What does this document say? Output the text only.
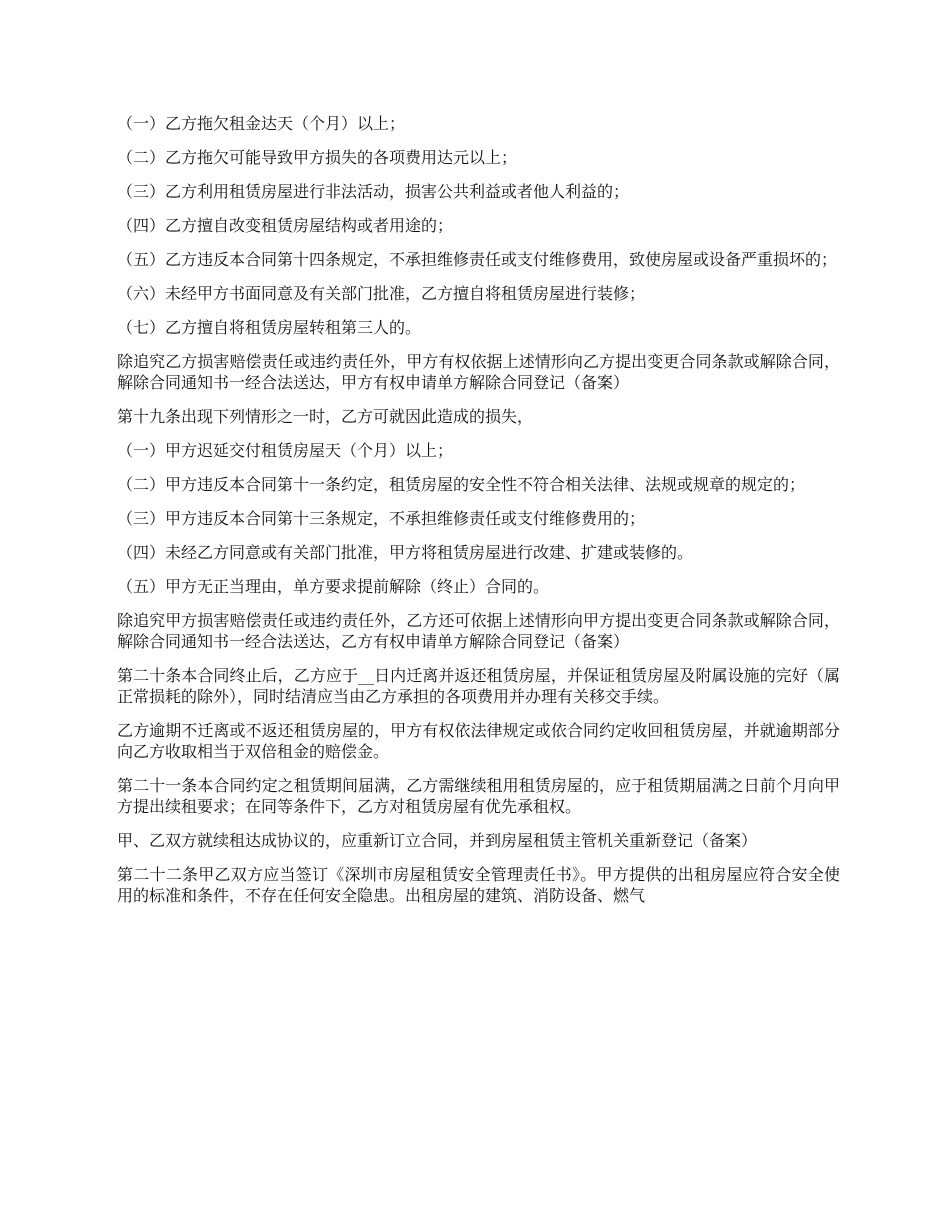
（一）乙方拖欠租金达天（个月）以上；

（二）乙方拖欠可能导致甲方损失的各项费用达元以上；

（三）乙方利用租赁房屋进行非法活动，损害公共利益或者他人利益的；

（四）乙方擅自改变租赁房屋结构或者用途的；

（五）乙方违反本合同第十四条规定，不承担维修责任或支付维修费用，致使房屋或设备严重损坏的；

（六）未经甲方书面同意及有关部门批准，乙方擅自将租赁房屋进行装修；

（七）乙方擅自将租赁房屋转租第三人的。

除追究乙方损害赔偿责任或违约责任外，甲方有权依据上述情形向乙方提出变更合同条款或解除合同，解除合同通知书一经合法送达，甲方有权申请单方解除合同登记（备案）

第十九条出现下列情形之一时，乙方可就因此造成的损失，

（一）甲方迟延交付租赁房屋天（个月）以上；

（二）甲方违反本合同第十一条约定，租赁房屋的安全性不符合相关法律、法规或规章的规定的；

（三）甲方违反本合同第十三条规定，不承担维修责任或支付维修费用的；

（四）未经乙方同意或有关部门批准，甲方将租赁房屋进行改建、扩建或装修的。

（五）甲方无正当理由，单方要求提前解除（终止）合同的。

除追究甲方损害赔偿责任或违约责任外，乙方还可依据上述情形向甲方提出变更合同条款或解除合同，解除合同通知书一经合法送达，乙方有权申请单方解除合同登记（备案）

第二十条本合同终止后，乙方应于__日内迁离并返还租赁房屋，并保证租赁房屋及附属设施的完好（属正常损耗的除外），同时结清应当由乙方承担的各项费用并办理有关移交手续。

乙方逾期不迁离或不返还租赁房屋的，甲方有权依法律规定或依合同约定收回租赁房屋，并就逾期部分向乙方收取相当于双倍租金的赔偿金。

第二十一条本合同约定之租赁期间届满，乙方需继续租用租赁房屋的，应于租赁期届满之日前个月向甲方提出续租要求；在同等条件下，乙方对租赁房屋有优先承租权。

甲、乙双方就续租达成协议的，应重新订立合同，并到房屋租赁主管机关重新登记（备案）

第二十二条甲乙双方应当签订《深圳市房屋租赁安全管理责任书》。甲方提供的出租房屋应符合安全使用的标准和条件，不存在任何安全隐患。出租房屋的建筑、消防设备、燃气
